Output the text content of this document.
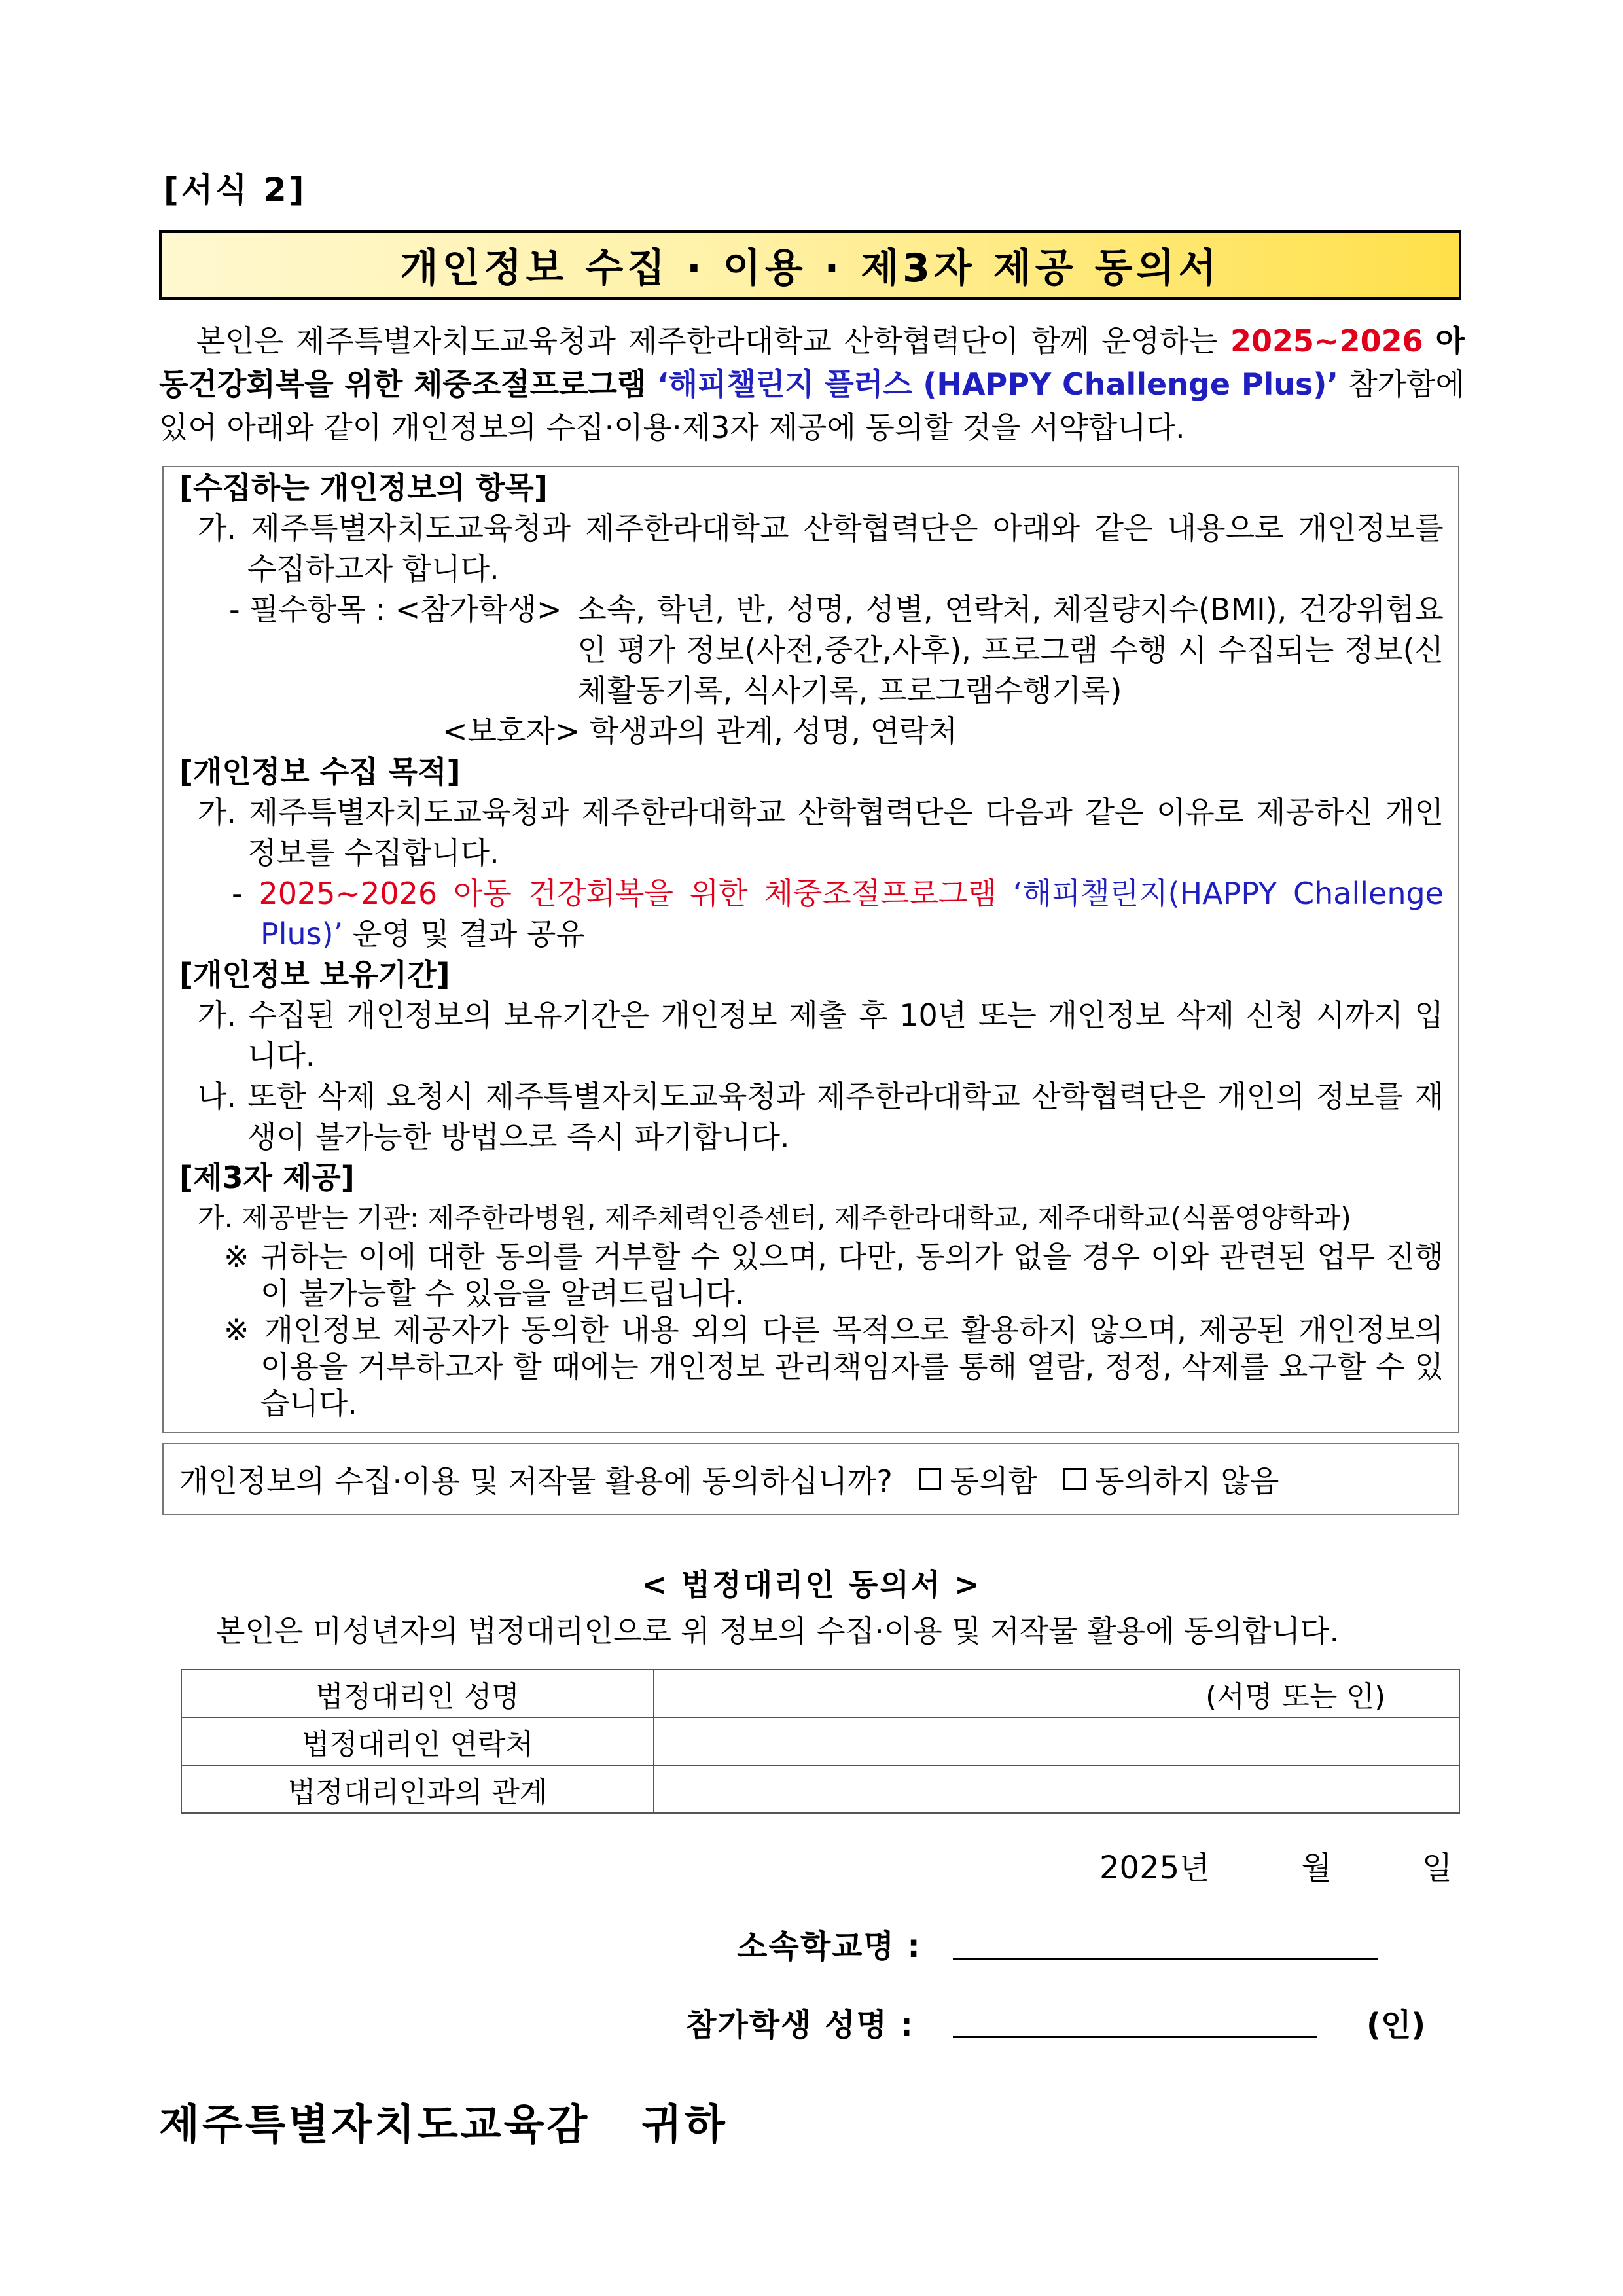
[서식 2]
개인정보 수집 · 이용 · 제3자 제공 동의서
본인은 제주특별자치도교육청과 제주한라대학교 산학협력단이 함께 운영하는 2025~2026 아동건강회복을 위한 체중조절프로그램 ‘해피챌린지 플러스 (HAPPY Challenge Plus)’ 참가함에 있어 아래와 같이 개인정보의 수집·이용·제3자 제공에 동의할 것을 서약합니다.
[수집하는 개인정보의 항목]
가. 제주특별자치도교육청과 제주한라대학교 산학협력단은 아래와 같은 내용으로 개인정보를 수집하고자 합니다.
- 필수항목 : <참가학생> 소속, 학년, 반, 성명, 성별, 연락처, 체질량지수(BMI), 건강위험요인 평가 정보(사전,중간,사후), 프로그램 수행 시 수집되는 정보(신체활동기록, 식사기록, 프로그램수행기록)
<보호자> 학생과의 관계, 성명, 연락처
[개인정보 수집 목적]
가. 제주특별자치도교육청과 제주한라대학교 산학협력단은 다음과 같은 이유로 제공하신 개인정보를 수집합니다.
- 2025~2026 아동 건강회복을 위한 체중조절프로그램 ‘해피챌린지(HAPPY Challenge Plus)’ 운영 및 결과 공유
[개인정보 보유기간]
가. 수집된 개인정보의 보유기간은 개인정보 제출 후 10년 또는 개인정보 삭제 신청 시까지 입니다.
나. 또한 삭제 요청시 제주특별자치도교육청과 제주한라대학교 산학협력단은 개인의 정보를 재생이 불가능한 방법으로 즉시 파기합니다.
[제3자 제공]
가. 제공받는 기관: 제주한라병원, 제주체력인증센터, 제주한라대학교, 제주대학교(식품영양학과)
※ 귀하는 이에 대한 동의를 거부할 수 있으며, 다만, 동의가 없을 경우 이와 관련된 업무 진행이 불가능할 수 있음을 알려드립니다.
※ 개인정보 제공자가 동의한 내용 외의 다른 목적으로 활용하지 않으며, 제공된 개인정보의 이용을 거부하고자 할 때에는 개인정보 관리책임자를 통해 열람, 정정, 삭제를 요구할 수 있습니다.
개인정보의 수집·이용 및 저작물 활용에 동의하십니까? 동의함 동의하지 않음
< 법정대리인 동의서 >
본인은 미성년자의 법정대리인으로 위 정보의 수집·이용 및 저작물 활용에 동의합니다.
법정대리인 성명	(서명 또는 인)
법정대리인 연락처	
법정대리인과의 관계	
2025년	월	일
소속학교명 :
참가학생 성명 :	(인)
제주특별자치도교육감   귀하
